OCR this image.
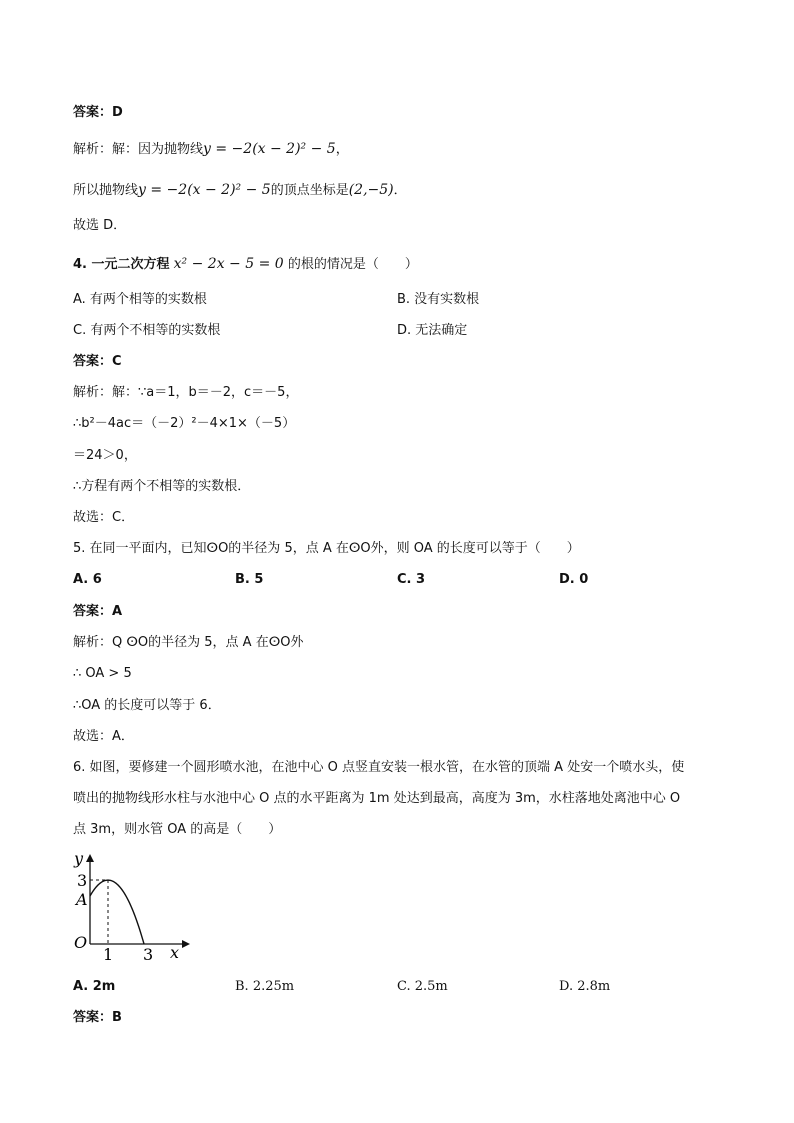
答案：D
解析：解：因为抛物线y = −2(x − 2)² − 5，
所以抛物线y = −2(x − 2)² − 5的顶点坐标是(2,−5)．
故选 D．
4. 一元二次方程 x² − 2x − 5 = 0 的根的情况是（　　）
A. 有两个相等的实数根	B. 没有实数根
C. 有两个不相等的实数根	D. 无法确定
答案：C
解析：解：∵a＝1，b＝－2，c＝－5，
∴b²－4ac＝（－2）²－4×1×（－5）
＝24＞0，
∴方程有两个不相等的实数根．
故选：C．
5. 在同一平面内，已知ⵙO的半径为 5，点 A 在ⵙO外，则 OA 的长度可以等于（　　）
A. 6	B. 5	C. 3	D. 0
答案：A
解析：Q ⵙO的半径为 5，点 A 在ⵙO外
∴ OA > 5
∴OA 的长度可以等于 6．
故选：A．
6. 如图，要修建一个圆形喷水池，在池中心 O 点竖直安装一根水管，在水管的顶端 A 处安一个喷水头，使
喷出的抛物线形水柱与水池中心 O 点的水平距离为 1m 处达到最高，高度为 3m，水柱落地处离池中心 O
点 3m，则水管 OA 的高是（　　）
y
x
O
A
3
1 3
A. 2m	B. 2.25m	C. 2.5m	D. 2.8m
答案：B
